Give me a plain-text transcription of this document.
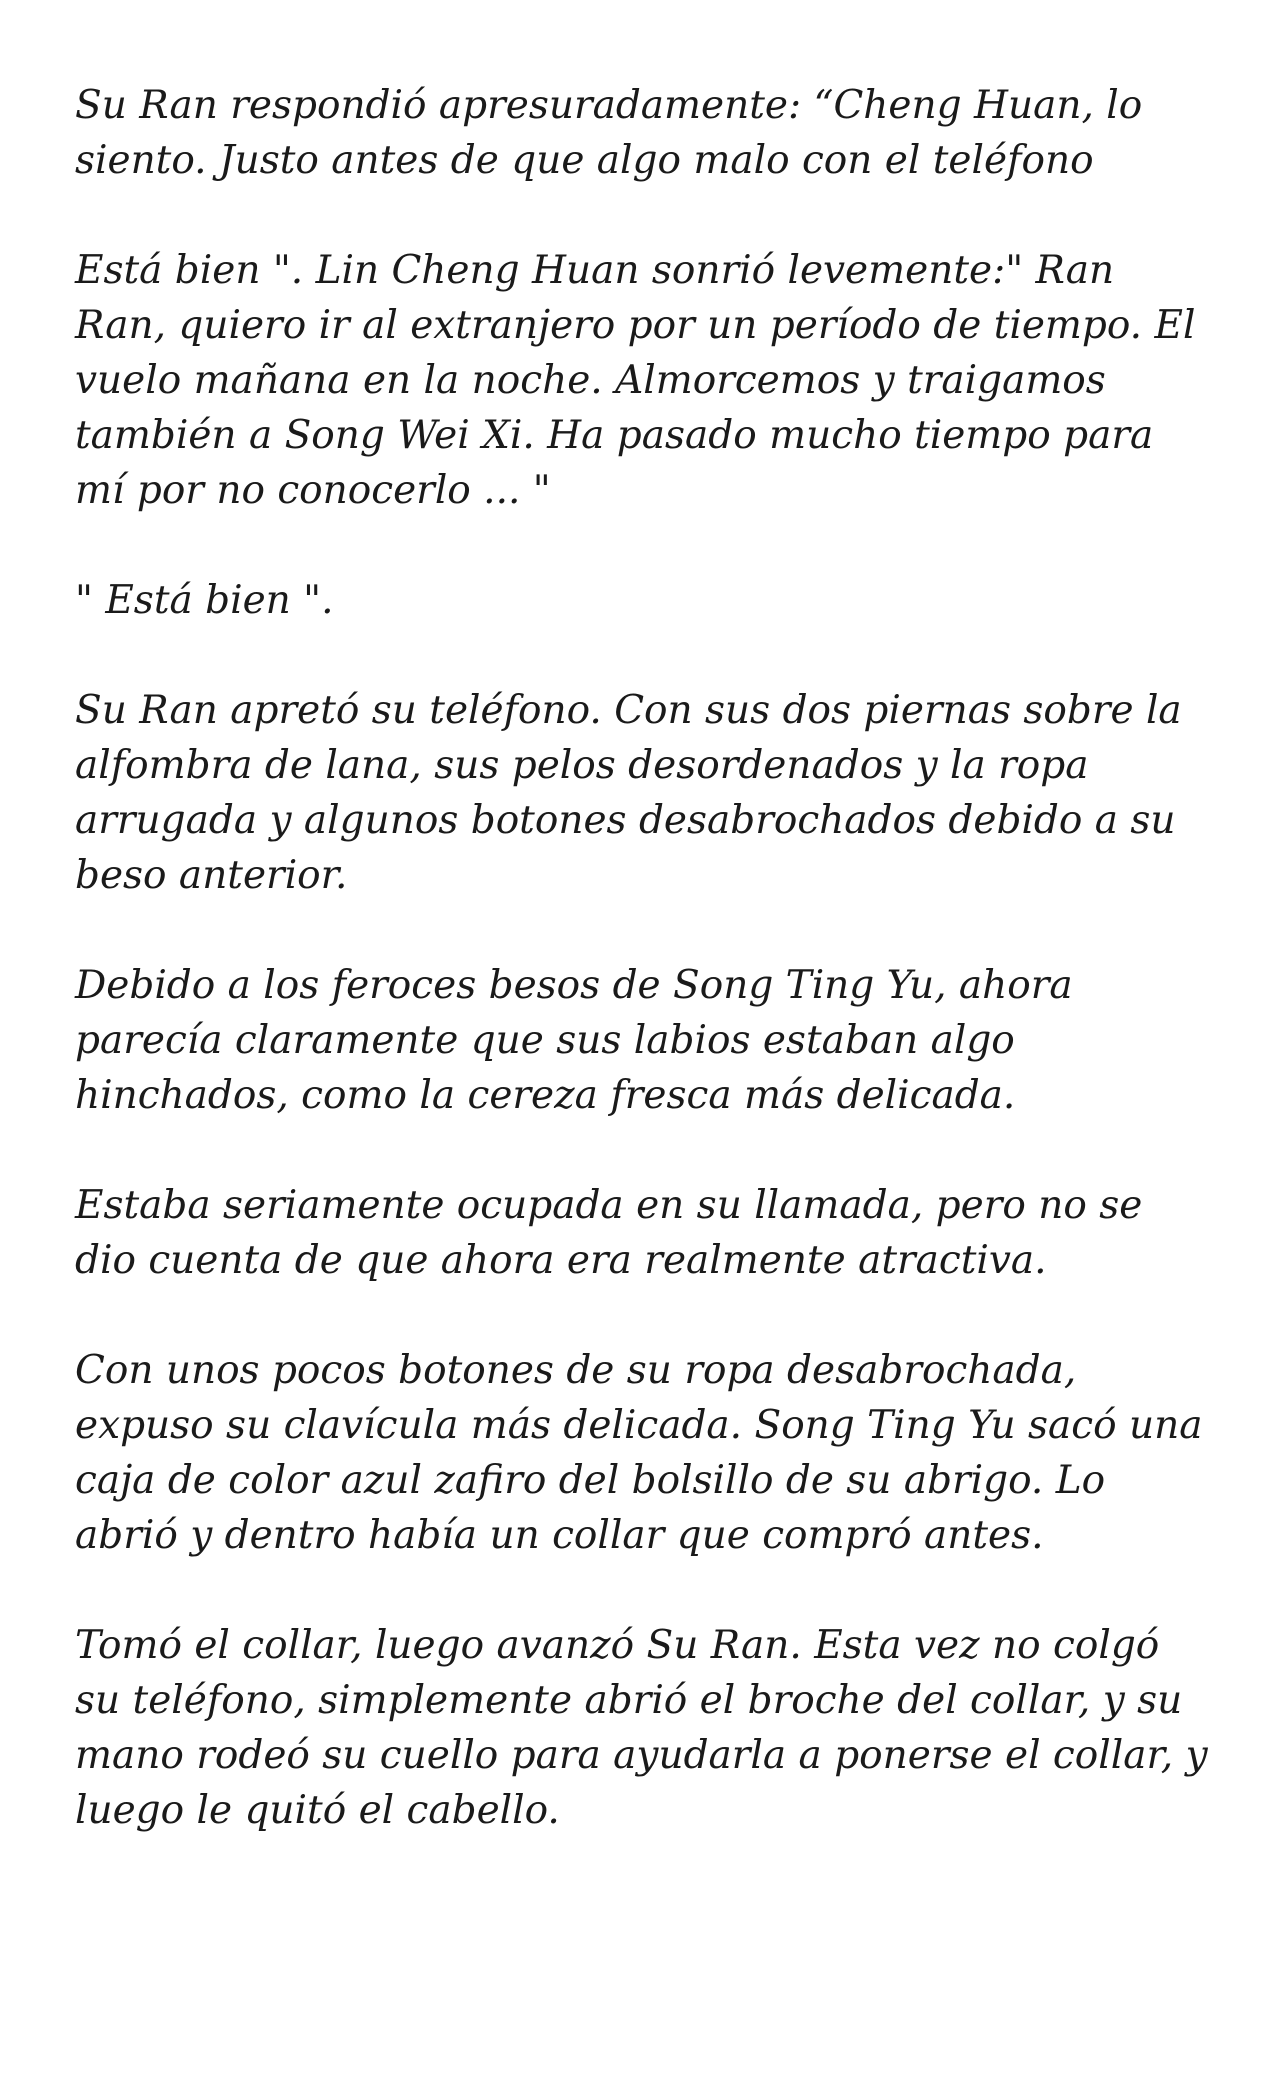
Su Ran respondió apresuradamente: “Cheng Huan, lo siento. Justo antes de que algo malo con el teléfono

Está bien ". Lin Cheng Huan sonrió levemente:" Ran Ran, quiero ir al extranjero por un período de tiempo. El vuelo mañana en la noche. Almorcemos y traigamos también a Song Wei Xi. Ha pasado mucho tiempo para mí por no conocerlo ... "

" Está bien ".

Su Ran apretó su teléfono. Con sus dos piernas sobre la alfombra de lana, sus pelos desordenados y la ropa arrugada y algunos botones desabrochados debido a su beso anterior.

Debido a los feroces besos de Song Ting Yu, ahora parecía claramente que sus labios estaban algo hinchados, como la cereza fresca más delicada.

Estaba seriamente ocupada en su llamada, pero no se dio cuenta de que ahora era realmente atractiva.

Con unos pocos botones de su ropa desabrochada, expuso su clavícula más delicada. Song Ting Yu sacó una caja de color azul zafiro del bolsillo de su abrigo. Lo abrió y dentro había un collar que compró antes.

Tomó el collar, luego avanzó Su Ran. Esta vez no colgó su teléfono, simplemente abrió el broche del collar, y su mano rodeó su cuello para ayudarla a ponerse el collar, y luego le quitó el cabello.
